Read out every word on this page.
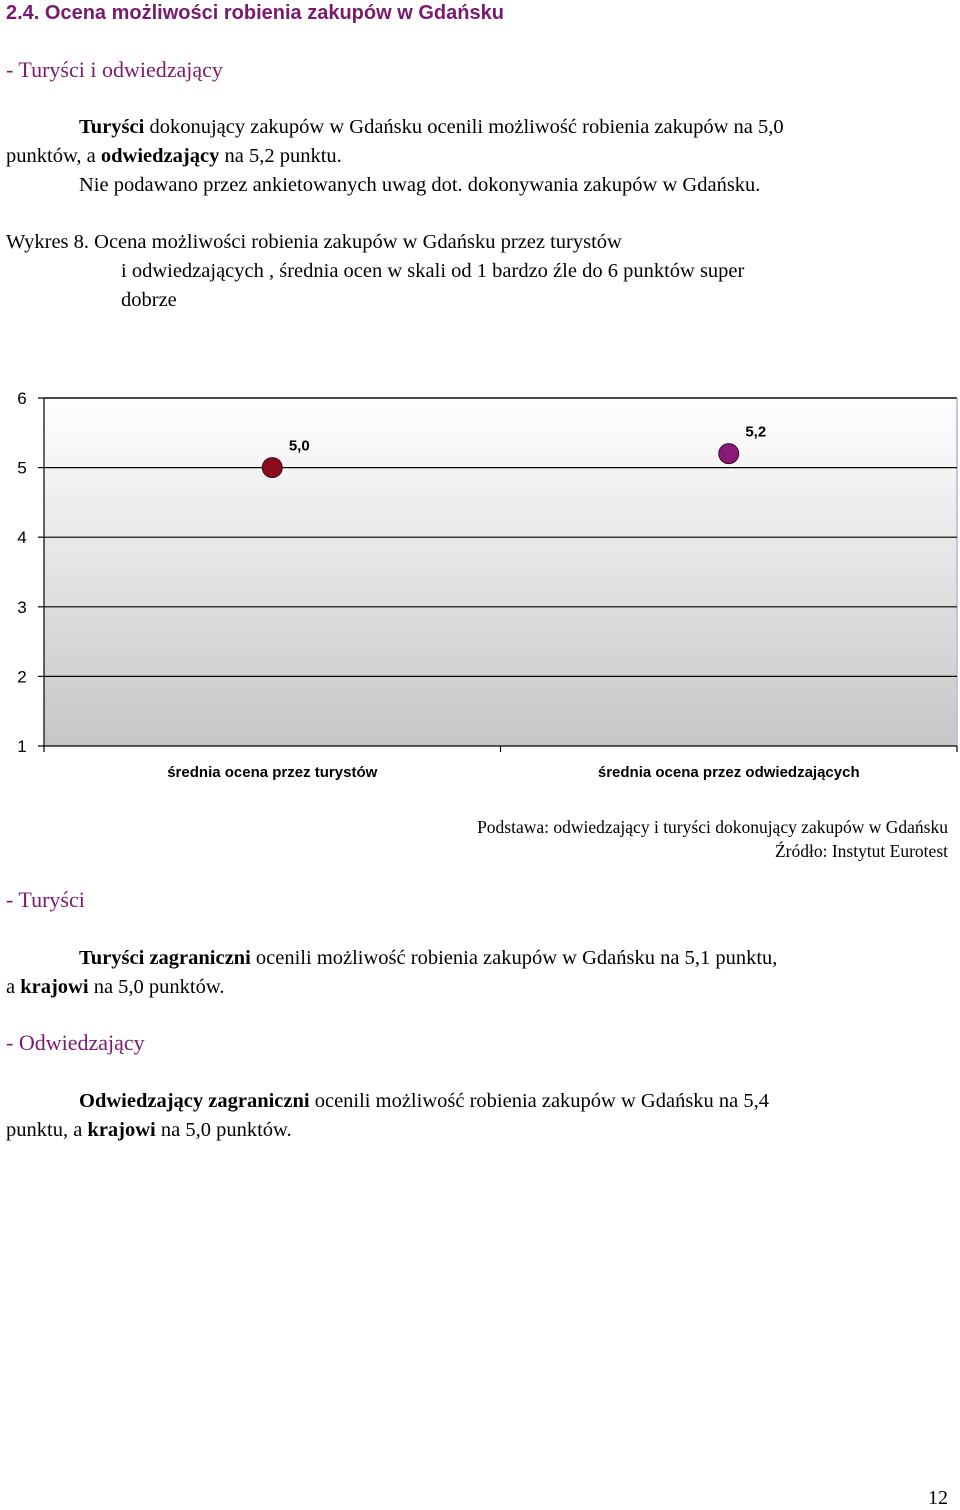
2.4. Ocena możliwości robienia zakupów w Gdańsku
- Turyści i odwiedzający
Turyści dokonujący zakupów w Gdańsku ocenili możliwość robienia zakupów na 5,0
punktów, a odwiedzający na 5,2 punktu.
Nie podawano przez ankietowanych uwag dot. dokonywania zakupów w Gdańsku.
Wykres 8. Ocena możliwości robienia zakupów w Gdańsku przez turystów
i odwiedzających , średnia ocen w skali od 1 bardzo źle do 6 punktów super
dobrze
1
2
3
4
5
6
średnia ocena przez turystów	średnia ocena przez odwiedzających
5,0
5,2
Podstawa: odwiedzający i turyści dokonujący zakupów w Gdańsku
Źródło: Instytut Eurotest
- Turyści
Turyści zagraniczni ocenili możliwość robienia zakupów w Gdańsku na 5,1 punktu,
a krajowi na 5,0 punktów.
- Odwiedzający
Odwiedzający zagraniczni ocenili możliwość robienia zakupów w Gdańsku na 5,4
punktu, a krajowi na 5,0 punktów.
12
